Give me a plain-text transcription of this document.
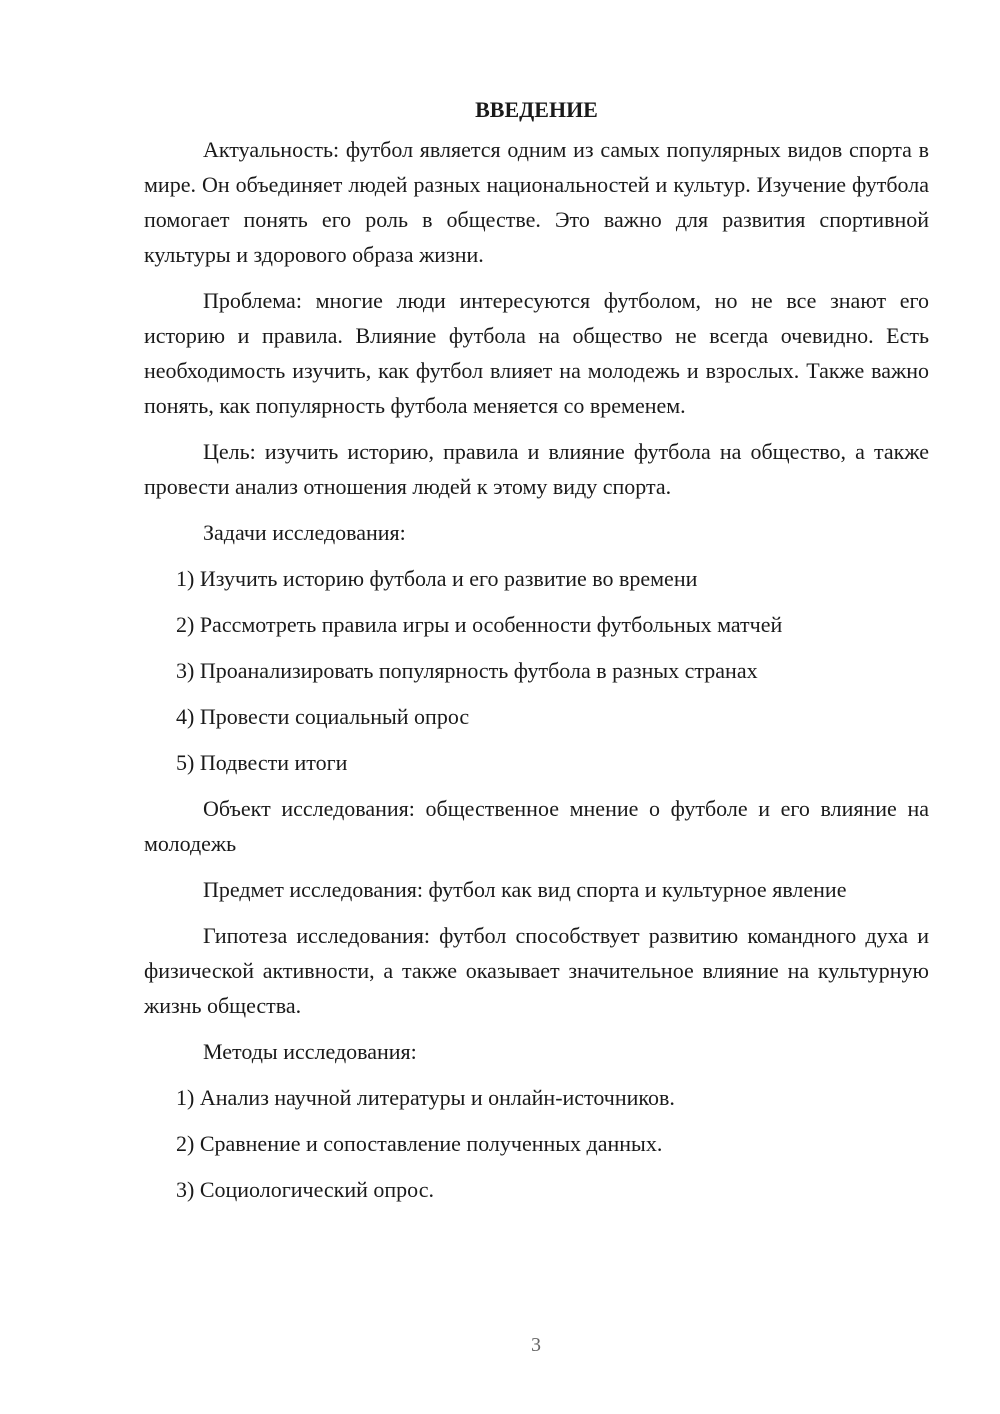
ВВЕДЕНИЕ

Актуальность: футбол является одним из самых популярных видов спорта в мире. Он объединяет людей разных национальностей и культур. Изучение футбола помогает понять его роль в обществе. Это важно для развития спортивной культуры и здорового образа жизни.

Проблема: многие люди интересуются футболом, но не все знают его историю и правила. Влияние футбола на общество не всегда очевидно. Есть необходимость изучить, как футбол влияет на молодежь и взрослых. Также важно понять, как популярность футбола меняется со временем.

Цель: изучить историю, правила и влияние футбола на общество, а также провести анализ отношения людей к этому виду спорта.

Задачи исследования:

1) Изучить историю футбола и его развитие во времени

2) Рассмотреть правила игры и особенности футбольных матчей

3) Проанализировать популярность футбола в разных странах

4) Провести социальный опрос

5) Подвести итоги

Объект исследования: общественное мнение о футболе и его влияние на молодежь

Предмет исследования: футбол как вид спорта и культурное явление

Гипотеза исследования: футбол способствует развитию командного духа и физической активности, а также оказывает значительное влияние на культурную жизнь общества.

Методы исследования:

1) Анализ научной литературы и онлайн-источников.

2) Сравнение и сопоставление полученных данных.

3) Социологический опрос.

3
